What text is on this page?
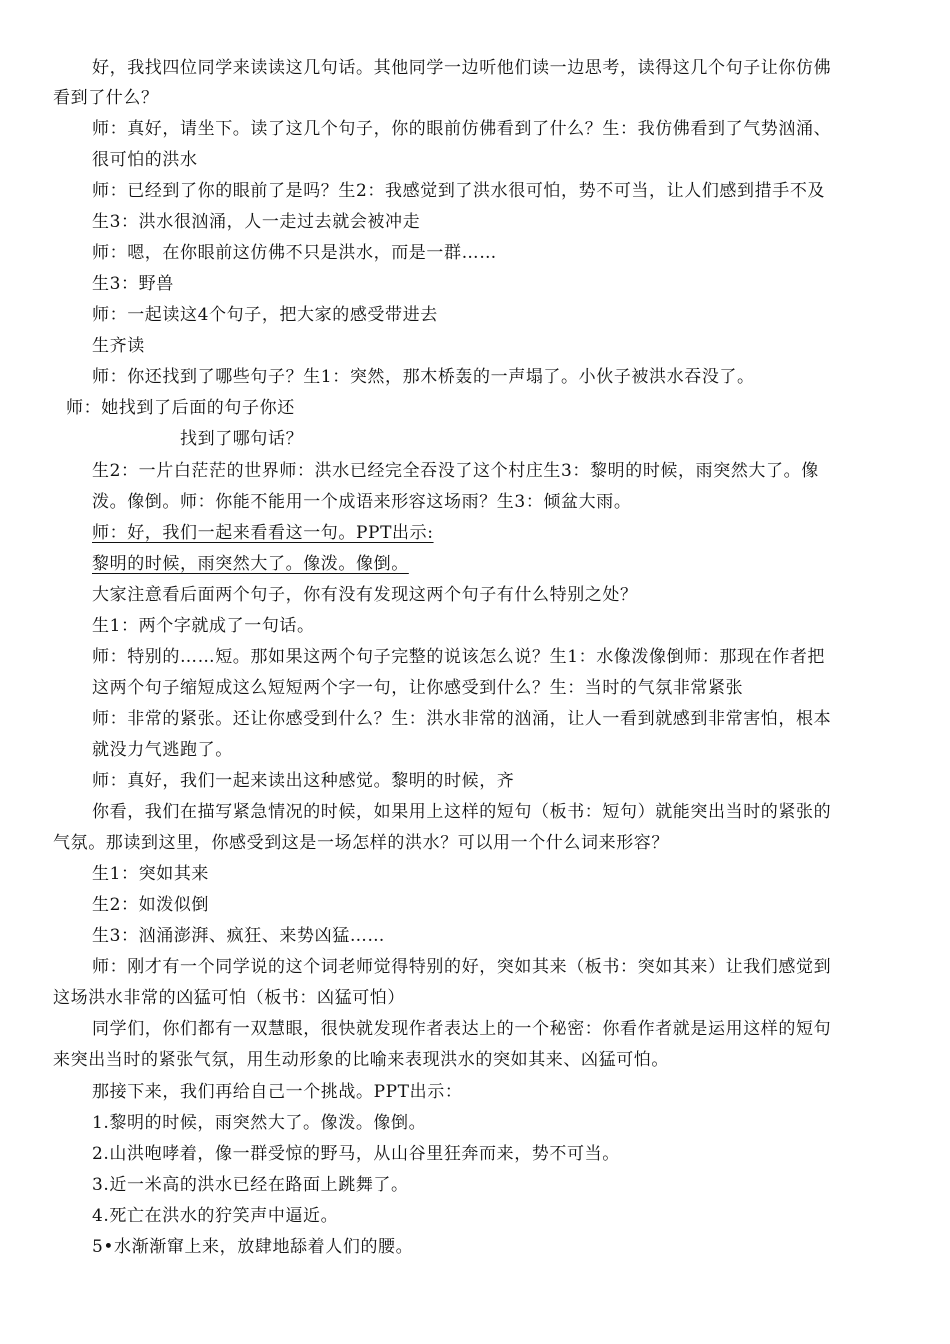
好，我找四位同学来读读这几句话。其他同学一边听他们读一边思考，读得这几个句子让你仿佛
看到了什么？
师：真好，请坐下。读了这几个句子，你的眼前仿佛看到了什么？生：我仿佛看到了气势汹涌、
很可怕的洪水
师：已经到了你的眼前了是吗？生2：我感觉到了洪水很可怕，势不可当，让人们感到措手不及
生3：洪水很汹涌，人一走过去就会被冲走
师：嗯，在你眼前这仿佛不只是洪水，而是一群……
生3：野兽
师：一起读这4个句子，把大家的感受带进去
生齐读
师：你还找到了哪些句子？生1：突然，那木桥轰的一声塌了。小伙子被洪水吞没了。
师：她找到了后面的句子你还
找到了哪句话？
生2：一片白茫茫的世界师：洪水已经完全吞没了这个村庄生3：黎明的时候，雨突然大了。像
泼。像倒。师：你能不能用一个成语来形容这场雨？生3：倾盆大雨。
师：好，我们一起来看看这一句。PPT出示:
黎明的时候，雨突然大了。像泼。像倒。
大家注意看后面两个句子，你有没有发现这两个句子有什么特别之处？
生1：两个字就成了一句话。
师：特别的……短。那如果这两个句子完整的说该怎么说？生1：水像泼像倒师：那现在作者把
这两个句子缩短成这么短短两个字一句，让你感受到什么？生：当时的气氛非常紧张
师：非常的紧张。还让你感受到什么？生：洪水非常的汹涌，让人一看到就感到非常害怕，根本
就没力气逃跑了。
师：真好，我们一起来读出这种感觉。黎明的时候，齐
你看，我们在描写紧急情况的时候，如果用上这样的短句（板书：短句）就能突出当时的紧张的
气氛。那读到这里，你感受到这是一场怎样的洪水？可以用一个什么词来形容？
生1：突如其来
生2：如泼似倒
生3：汹涌澎湃、疯狂、来势凶猛……
师：刚才有一个同学说的这个词老师觉得特别的好，突如其来（板书：突如其来）让我们感觉到
这场洪水非常的凶猛可怕（板书：凶猛可怕）
同学们，你们都有一双慧眼，很快就发现作者表达上的一个秘密：你看作者就是运用这样的短句
来突出当时的紧张气氛，用生动形象的比喻来表现洪水的突如其来、凶猛可怕。
那接下来，我们再给自己一个挑战。PPT出示：
1.黎明的时候，雨突然大了。像泼。像倒。
2.山洪咆哮着，像一群受惊的野马，从山谷里狂奔而来，势不可当。
3.近一米高的洪水已经在路面上跳舞了。
4.死亡在洪水的狞笑声中逼近。
5•水渐渐窜上来，放肆地舔着人们的腰。
